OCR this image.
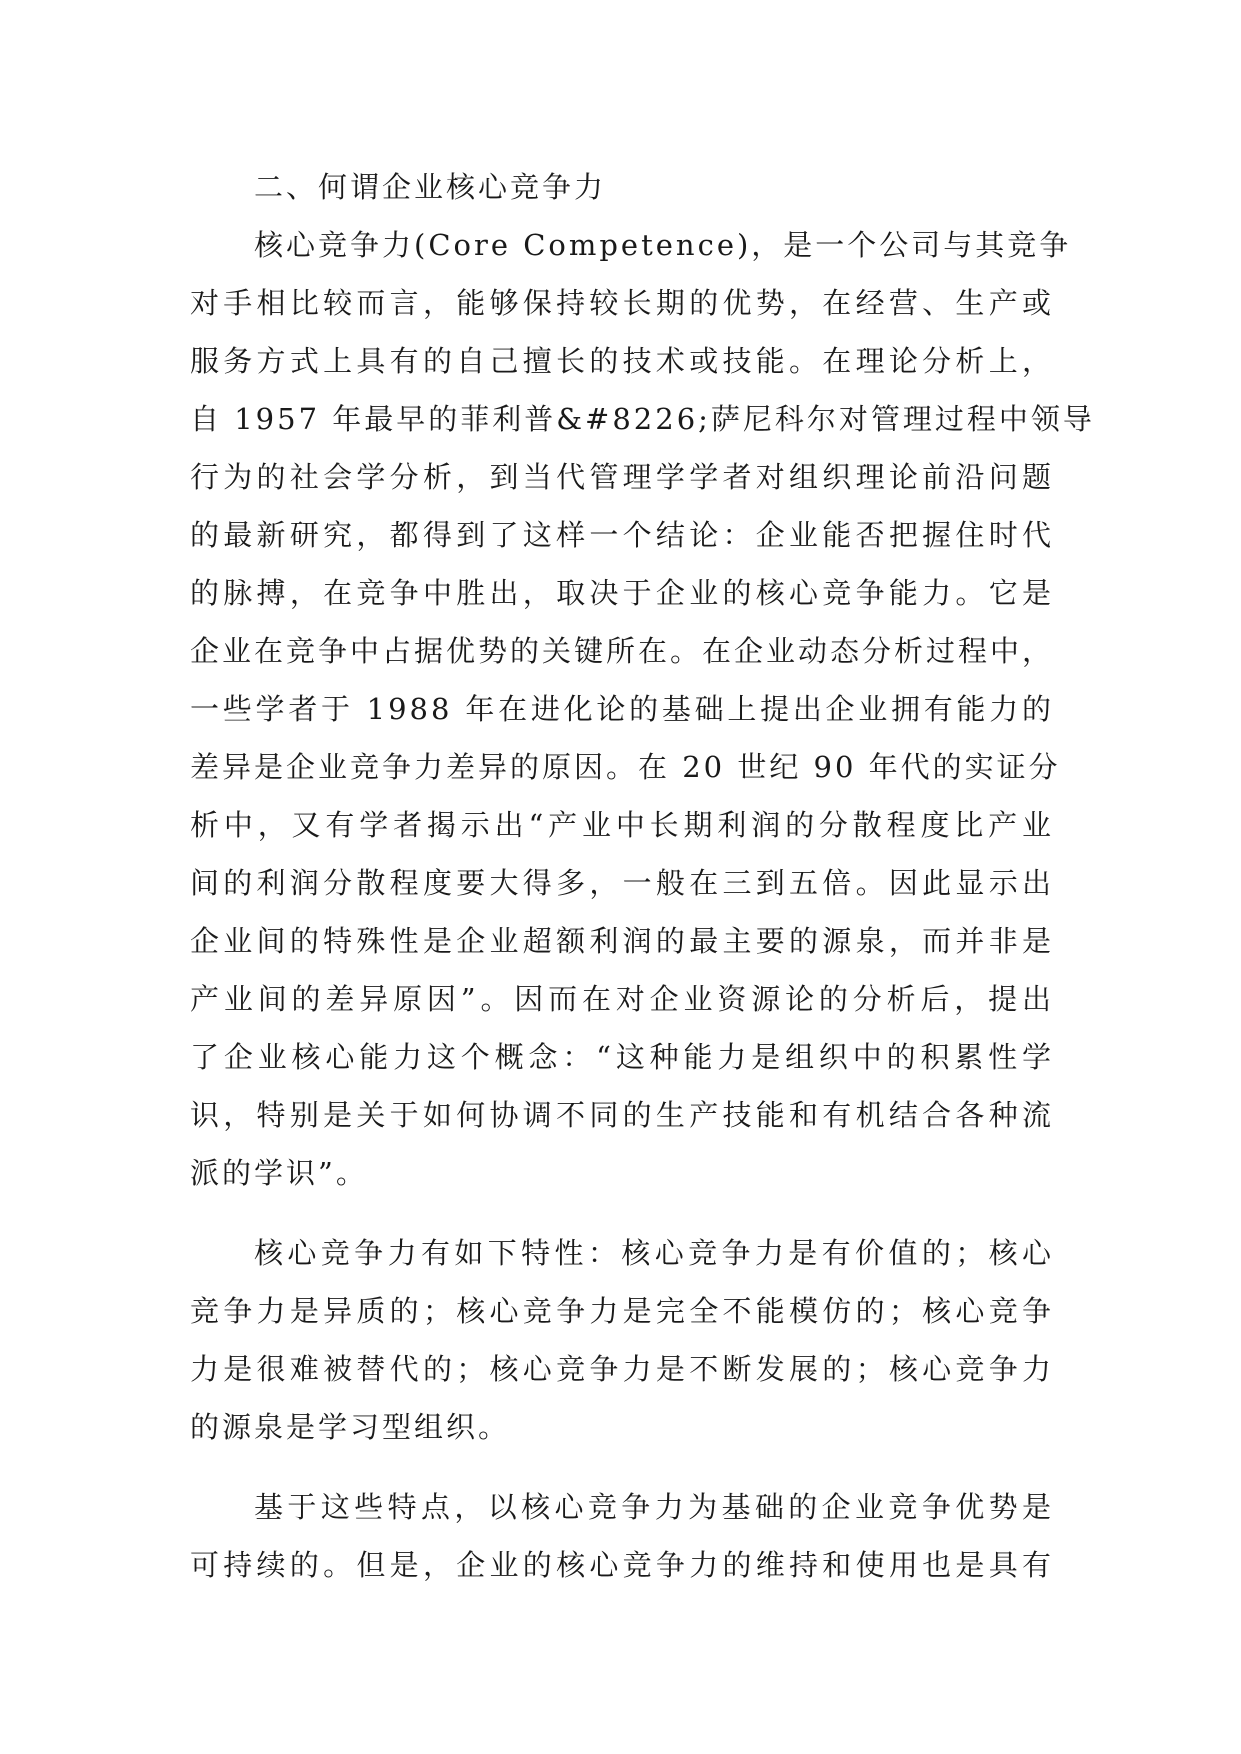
二、何谓企业核心竞争力
核心竞争力(Core Competence)，是一个公司与其竞争
对手相比较而言，能够保持较长期的优势，在经营、生产或
服务方式上具有的自己擅长的技术或技能。在理论分析上，
自 1957 年最早的菲利普&#8226;萨尼科尔对管理过程中领导
行为的社会学分析，到当代管理学学者对组织理论前沿问题
的最新研究，都得到了这样一个结论：企业能否把握住时代
的脉搏，在竞争中胜出，取决于企业的核心竞争能力。它是
企业在竞争中占据优势的关键所在。在企业动态分析过程中，
一些学者于 1988 年在进化论的基础上提出企业拥有能力的
差异是企业竞争力差异的原因。在 20 世纪 90 年代的实证分
析中，又有学者揭示出“产业中长期利润的分散程度比产业
间的利润分散程度要大得多，一般在三到五倍。因此显示出
企业间的特殊性是企业超额利润的最主要的源泉，而并非是
产业间的差异原因”。因而在对企业资源论的分析后，提出
了企业核心能力这个概念：“这种能力是组织中的积累性学
识，特别是关于如何协调不同的生产技能和有机结合各种流
派的学识”。
核心竞争力有如下特性：核心竞争力是有价值的；核心
竞争力是异质的；核心竞争力是完全不能模仿的；核心竞争
力是很难被替代的；核心竞争力是不断发展的；核心竞争力
的源泉是学习型组织。
基于这些特点，以核心竞争力为基础的企业竞争优势是
可持续的。但是，企业的核心竞争力的维持和使用也是具有
